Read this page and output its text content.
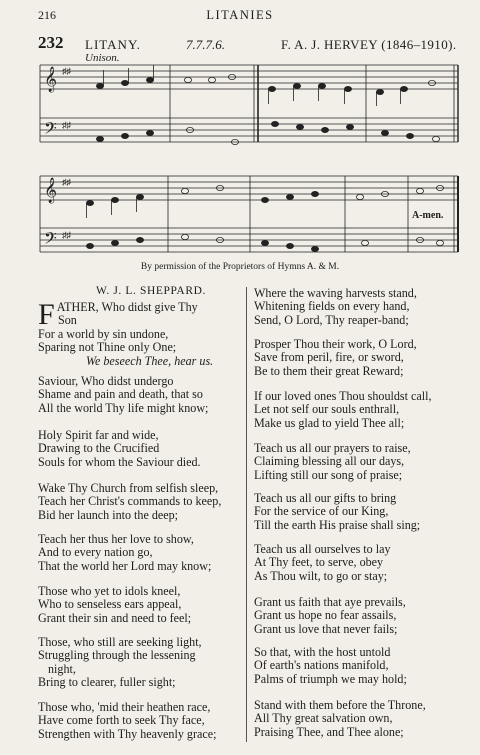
216	LITANIES
232 LITANY.	7.7.7.6.	F. A. J. HERVEY (1846–1910).
Unison.
𝄞
𝄢
♯♯
♯♯
𝄞
𝄢
♯♯
♯♯
A-men.
By permission of the Proprietors of Hymns A. & M.
W. J. L. SHEPPARD.
F ATHER, Who didst give Thy
Son
For a world by sin undone,
Sparing not Thine only One;
We beseech Thee, hear us.
Saviour, Who didst undergo
Shame and pain and death, that so
All the world Thy life might know;
Holy Spirit far and wide,
Drawing to the Crucified
Souls for whom the Saviour died.
Wake Thy Church from selfish sleep,
Teach her Christ's commands to keep,
Bid her launch into the deep;
Teach her thus her love to show,
And to every nation go,
That the world her Lord may know;
Those who yet to idols kneel,
Who to senseless ears appeal,
Grant their sin and need to feel;
Those, who still are seeking light,
Struggling through the lessening
night,
Bring to clearer, fuller sight;
Those who, 'mid their heathen race,
Have come forth to seek Thy face,
Strengthen with Thy heavenly grace;
Where the waving harvests stand,
Whitening fields on every hand,
Send, O Lord, Thy reaper-band;
Prosper Thou their work, O Lord,
Save from peril, fire, or sword,
Be to them their great Reward;
If our loved ones Thou shouldst call,
Let not self our souls enthrall,
Make us glad to yield Thee all;
Teach us all our prayers to raise,
Claiming blessing all our days,
Lifting still our song of praise;
Teach us all our gifts to bring
For the service of our King,
Till the earth His praise shall sing;
Teach us all ourselves to lay
At Thy feet, to serve, obey
As Thou wilt, to go or stay;
Grant us faith that aye prevails,
Grant us hope no fear assails,
Grant us love that never fails;
So that, with the host untold
Of earth's nations manifold,
Palms of triumph we may hold;
Stand with them before the Throne,
All Thy great salvation own,
Praising Thee, and Thee alone;
